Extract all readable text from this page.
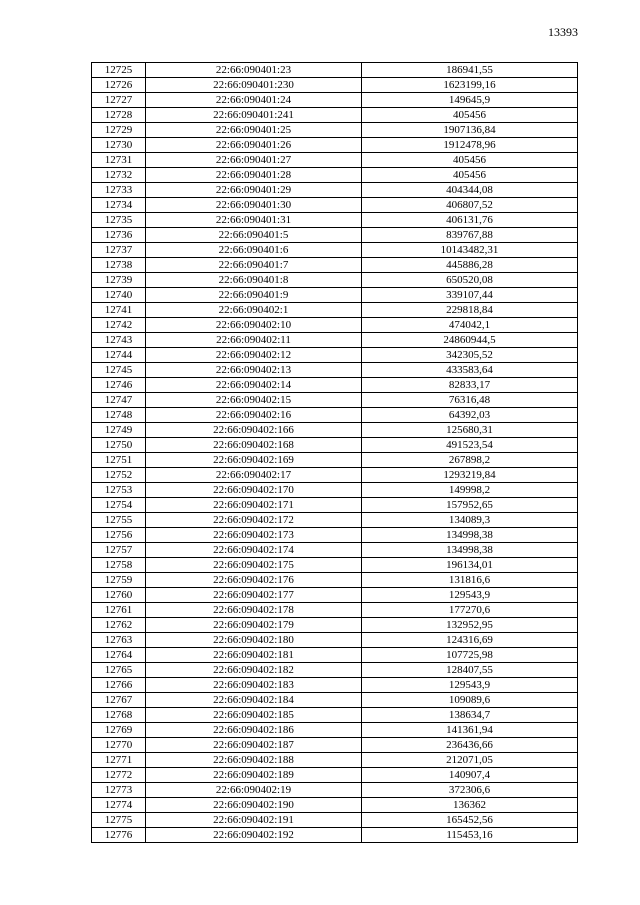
13393
12725	22:66:090401:23	186941,55
12726	22:66:090401:230	1623199,16
12727	22:66:090401:24	149645,9
12728	22:66:090401:241	405456
12729	22:66:090401:25	1907136,84
12730	22:66:090401:26	1912478,96
12731	22:66:090401:27	405456
12732	22:66:090401:28	405456
12733	22:66:090401:29	404344,08
12734	22:66:090401:30	406807,52
12735	22:66:090401:31	406131,76
12736	22:66:090401:5	839767,88
12737	22:66:090401:6	10143482,31
12738	22:66:090401:7	445886,28
12739	22:66:090401:8	650520,08
12740	22:66:090401:9	339107,44
12741	22:66:090402:1	229818,84
12742	22:66:090402:10	474042,1
12743	22:66:090402:11	24860944,5
12744	22:66:090402:12	342305,52
12745	22:66:090402:13	433583,64
12746	22:66:090402:14	82833,17
12747	22:66:090402:15	76316,48
12748	22:66:090402:16	64392,03
12749	22:66:090402:166	125680,31
12750	22:66:090402:168	491523,54
12751	22:66:090402:169	267898,2
12752	22:66:090402:17	1293219,84
12753	22:66:090402:170	149998,2
12754	22:66:090402:171	157952,65
12755	22:66:090402:172	134089,3
12756	22:66:090402:173	134998,38
12757	22:66:090402:174	134998,38
12758	22:66:090402:175	196134,01
12759	22:66:090402:176	131816,6
12760	22:66:090402:177	129543,9
12761	22:66:090402:178	177270,6
12762	22:66:090402:179	132952,95
12763	22:66:090402:180	124316,69
12764	22:66:090402:181	107725,98
12765	22:66:090402:182	128407,55
12766	22:66:090402:183	129543,9
12767	22:66:090402:184	109089,6
12768	22:66:090402:185	138634,7
12769	22:66:090402:186	141361,94
12770	22:66:090402:187	236436,66
12771	22:66:090402:188	212071,05
12772	22:66:090402:189	140907,4
12773	22:66:090402:19	372306,6
12774	22:66:090402:190	136362
12775	22:66:090402:191	165452,56
12776	22:66:090402:192	115453,16
